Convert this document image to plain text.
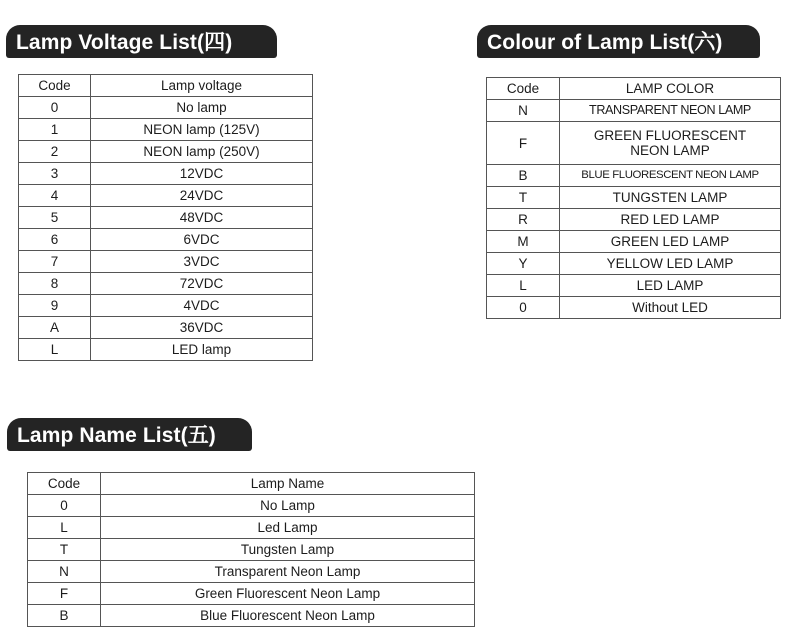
Lamp Voltage List(四)
Code	Lamp voltage
0	No lamp
1	NEON lamp (125V)
2	NEON lamp (250V)
3	12VDC
4	24VDC
5	48VDC
6	6VDC
7	3VDC
8	72VDC
9	4VDC
A	36VDC
L	LED lamp
Colour of Lamp List(六)
Code	LAMP COLOR
N	TRANSPARENT NEON LAMP
F	GREEN FLUORESCENT NEON LAMP
B	BLUE FLUORESCENT NEON LAMP
T	TUNGSTEN LAMP
R	RED LED LAMP
M	GREEN LED LAMP
Y	YELLOW LED LAMP
L	LED LAMP
0	Without LED
Lamp Name List(五)
Code	Lamp Name
0	No Lamp
L	Led Lamp
T	Tungsten Lamp
N	Transparent Neon Lamp
F	Green Fluorescent Neon Lamp
B	Blue Fluorescent Neon Lamp
